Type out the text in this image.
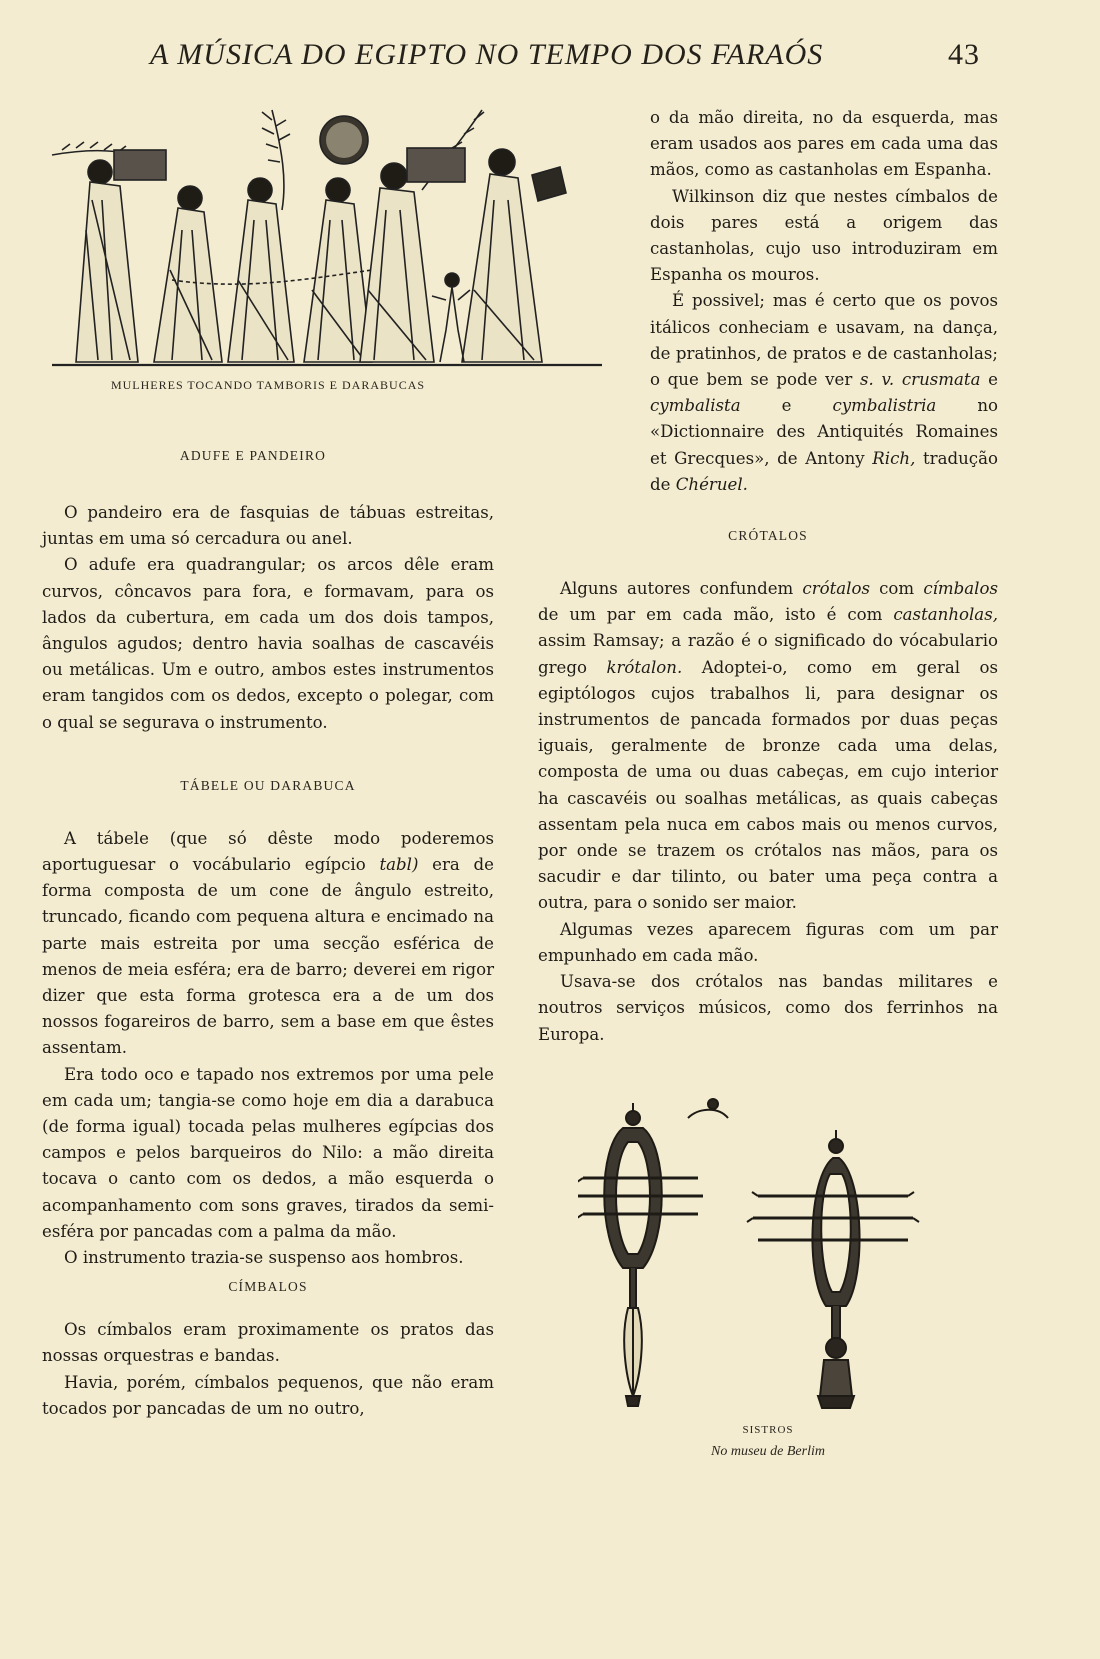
A MÚSICA DO EGIPTO NO TEMPO DOS FARAÓS	43
MULHERES TOCANDO TAMBORIS E DARABUCAS
ADUFE E PANDEIRO

O pandeiro era de fasquias de tábuas estreitas, juntas em uma só cercadura ou anel.

O adufe era quadrangular; os arcos dêle eram curvos, côncavos para fora, e formavam, para os lados da cubertura, em cada um dos dois tampos, ângulos agudos; dentro havia soalhas de cascavéis ou metálicas. Um e outro, ambos estes instrumentos eram tangidos com os dedos, excepto o polegar, com o qual se segurava o instrumento.

TÁBELE OU DARABUCA

A tábele (que só dêste modo poderemos aportuguesar o vocábulario egípcio tabl) era de forma composta de um cone de ângulo estreito, truncado, ficando com pequena altura e encimado na parte mais estreita por uma secção esférica de menos de meia esféra; era de barro; deverei em rigor dizer que esta forma grotesca era a de um dos nossos fogareiros de barro, sem a base em que êstes assentam.

Era todo oco e tapado nos extremos por uma pele em cada um; tangia-se como hoje em dia a darabuca (de forma igual) tocada pelas mulheres egípcias dos campos e pelos barqueiros do Nilo: a mão direita tocava o canto com os dedos, a mão esquerda o acompanhamento com sons graves, tirados da semi-esféra por pancadas com a palma da mão.

O instrumento trazia-se suspenso aos hombros.

CÍMBALOS

Os címbalos eram proximamente os pratos das nossas orquestras e bandas.

Havia, porém, címbalos pequenos, que não eram tocados por pancadas de um no outro,

o da mão direita, no da esquerda, mas eram usados aos pares em cada uma das mãos, como as castanholas em Espanha.

Wilkinson diz que nestes címbalos de dois pares está a origem das castanholas, cujo uso introduziram em Espanha os mouros.

É possivel; mas é certo que os povos itálicos conheciam e usavam, na dança, de pratinhos, de pratos e de castanholas; o que bem se pode ver s. v. crusmata e cymbalista e cymbalistria no «Dictionnaire des Antiquités Romaines et Grecques», de Antony Rich, tradução de Chéruel.

CRÓTALOS

Alguns autores confundem crótalos com címbalos de um par em cada mão, isto é com castanholas, assim Ramsay; a razão é o significado do vócabulario grego krótalon. Adoptei-o, como em geral os egiptólogos cujos trabalhos li, para designar os instrumentos de pancada formados por duas peças iguais, geralmente de bronze cada uma delas, composta de uma ou duas cabeças, em cujo interior ha cascavéis ou soalhas metálicas, as quais cabeças assentam pela nuca em cabos mais ou menos curvos, por onde se trazem os crótalos nas mãos, para os sacudir e dar tilinto, ou bater uma peça contra a outra, para o sonido ser maior.

Algumas vezes aparecem figuras com um par empunhado em cada mão.

Usava-se dos crótalos nas bandas militares e noutros serviços músicos, como dos ferrinhos na Europa.

SISTROS
No museu de Berlim
